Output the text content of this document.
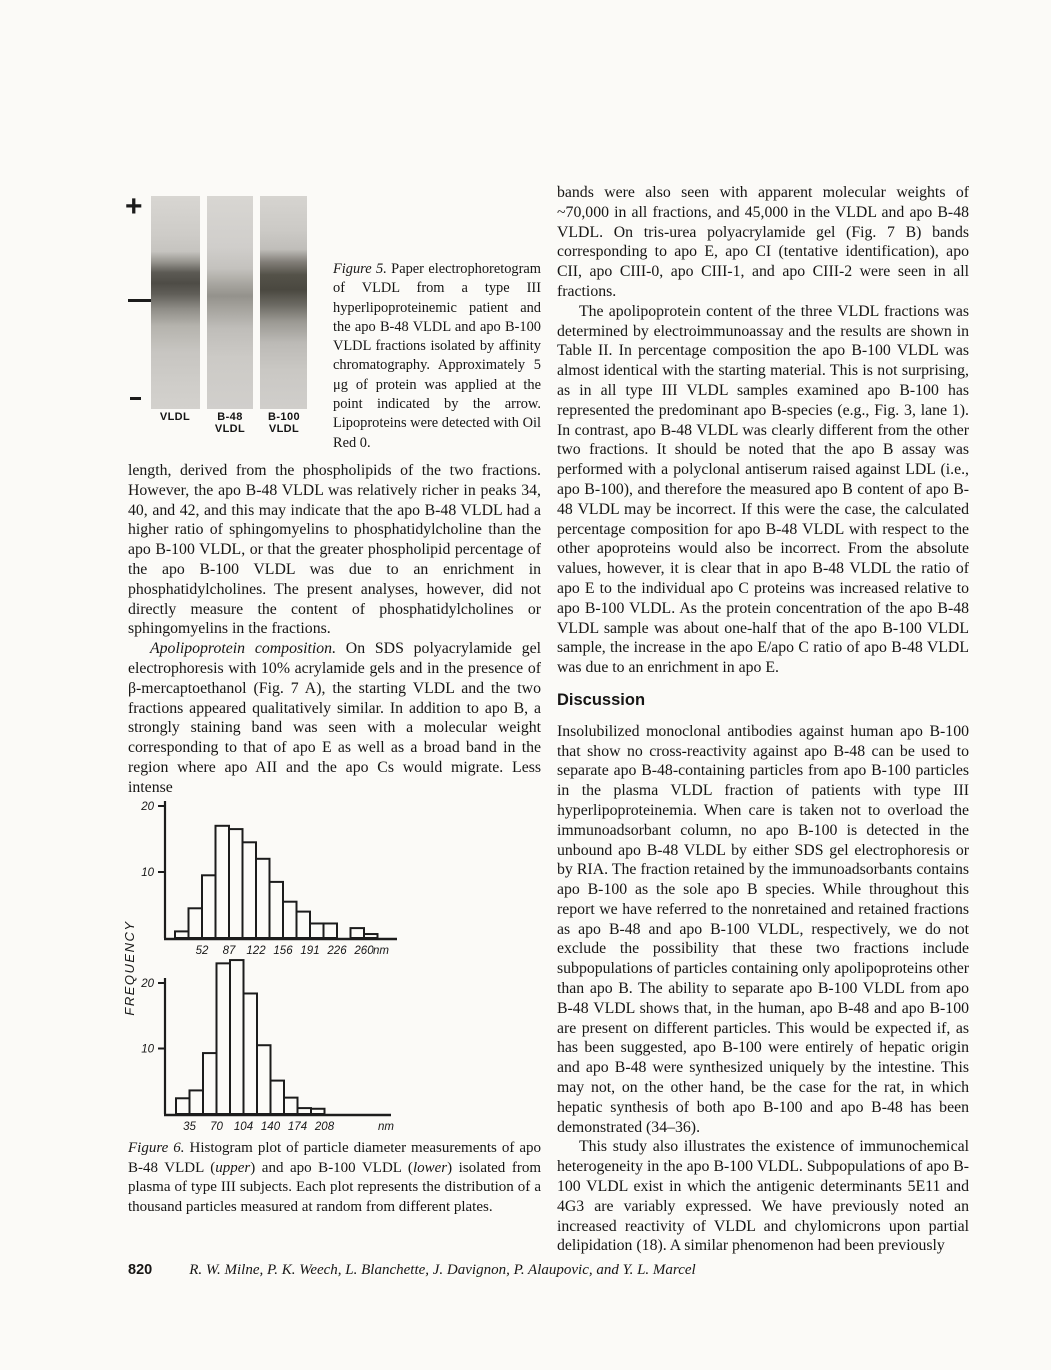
+
VLDL	B-48
VLDL
B-100
VLDL
Figure 5. Paper electrophoretogram of VLDL from a type III hyperlipoproteinemic patient and the apo B-48 VLDL and apo B-100 VLDL fractions isolated by affinity chromatography. Approximately 5 μg of protein was applied at the point indicated by the arrow. Lipoproteins were detected with Oil Red 0.

length, derived from the phospholipids of the two fractions. However, the apo B-48 VLDL was relatively richer in peaks 34, 40, and 42, and this may indicate that the apo B-48 VLDL had a higher ratio of sphingomyelins to phosphatidylcholine than the apo B-100 VLDL, or that the greater phospholipid percentage of the apo B-100 VLDL was due to an enrichment in phosphatidylcholines. The present analyses, however, did not directly measure the content of phosphatidylcholines or sphingomyelins in the fractions.

Apolipoprotein composition. On SDS polyacrylamide gel electrophoresis with 10% acrylamide gels and in the presence of β-mercaptoethanol (Fig. 7 A), the starting VLDL and the two fractions appeared qualitatively similar. In addition to apo B, a strongly staining band was seen with a molecular weight corresponding to that of apo E as well as a broad band in the region where apo AII and the apo Cs would migrate. Less intense

10
20
52 87 122 156 191 226 260 nm
10
20
35 70 104 140 174 208	nm
FREQUENCY
Figure 6. Histogram plot of particle diameter measurements of apo B-48 VLDL (upper) and apo B-100 VLDL (lower) isolated from plasma of type III subjects. Each plot represents the distribution of a thousand particles measured at random from different plates.

bands were also seen with apparent molecular weights of ~70,000 in all fractions, and 45,000 in the VLDL and apo B-48 VLDL. On tris-urea polyacrylamide gel (Fig. 7 B) bands corresponding to apo E, apo CI (tentative identification), apo CII, apo CIII-0, apo CIII-1, and apo CIII-2 were seen in all fractions.

The apolipoprotein content of the three VLDL fractions was determined by electroimmunoassay and the results are shown in Table II. In percentage composition the apo B-100 VLDL was almost identical with the starting material. This is not surprising, as in all type III VLDL samples examined apo B-100 has represented the predominant apo B-species (e.g., Fig. 3, lane 1). In contrast, apo B-48 VLDL was clearly different from the other two fractions. It should be noted that the apo B assay was performed with a polyclonal antiserum raised against LDL (i.e., apo B-100), and therefore the measured apo B content of apo B-48 VLDL may be incorrect. If this were the case, the calculated percentage composition for apo B-48 VLDL with respect to the other apoproteins would also be incorrect. From the absolute values, however, it is clear that in apo B-48 VLDL the ratio of apo E to the individual apo C proteins was increased relative to apo B-100 VLDL. As the protein concentration of the apo B-48 VLDL sample was about one-half that of the apo B-100 VLDL sample, the increase in the apo E/apo C ratio of apo B-48 VLDL was due to an enrichment in apo E.

Discussion

Insolubilized monoclonal antibodies against human apo B-100 that show no cross-reactivity against apo B-48 can be used to separate apo B-48-containing particles from apo B-100 particles in the plasma VLDL fraction of patients with type III hyperlipoproteinemia. When care is taken not to overload the immunoadsorbant column, no apo B-100 is detected in the unbound apo B-48 VLDL by either SDS gel electrophoresis or by RIA. The fraction retained by the immunoadsorbants contains apo B-100 as the sole apo B species. While throughout this report we have referred to the nonretained and retained fractions as apo B-48 and apo B-100 VLDL, respectively, we do not exclude the possibility that these two fractions include subpopulations of particles containing only apolipoproteins other than apo B. The ability to separate apo B-100 VLDL from apo B-48 VLDL shows that, in the human, apo B-48 and apo B-100 are present on different particles. This would be expected if, as has been suggested, apo B-100 were entirely of hepatic origin and apo B-48 were synthesized uniquely by the intestine. This may not, on the other hand, be the case for the rat, in which hepatic synthesis of both apo B-100 and apo B-48 has been demonstrated (34–36).

This study also illustrates the existence of immunochemical heterogeneity in the apo B-100 VLDL. Subpopulations of apo B-100 VLDL exist in which the antigenic determinants 5E11 and 4G3 are variably expressed. We have previously noted an increased reactivity of VLDL and chylomicrons upon partial delipidation (18). A similar phenomenon had been previously

820 R. W. Milne, P. K. Weech, L. Blanchette, J. Davignon, P. Alaupovic, and Y. L. Marcel
